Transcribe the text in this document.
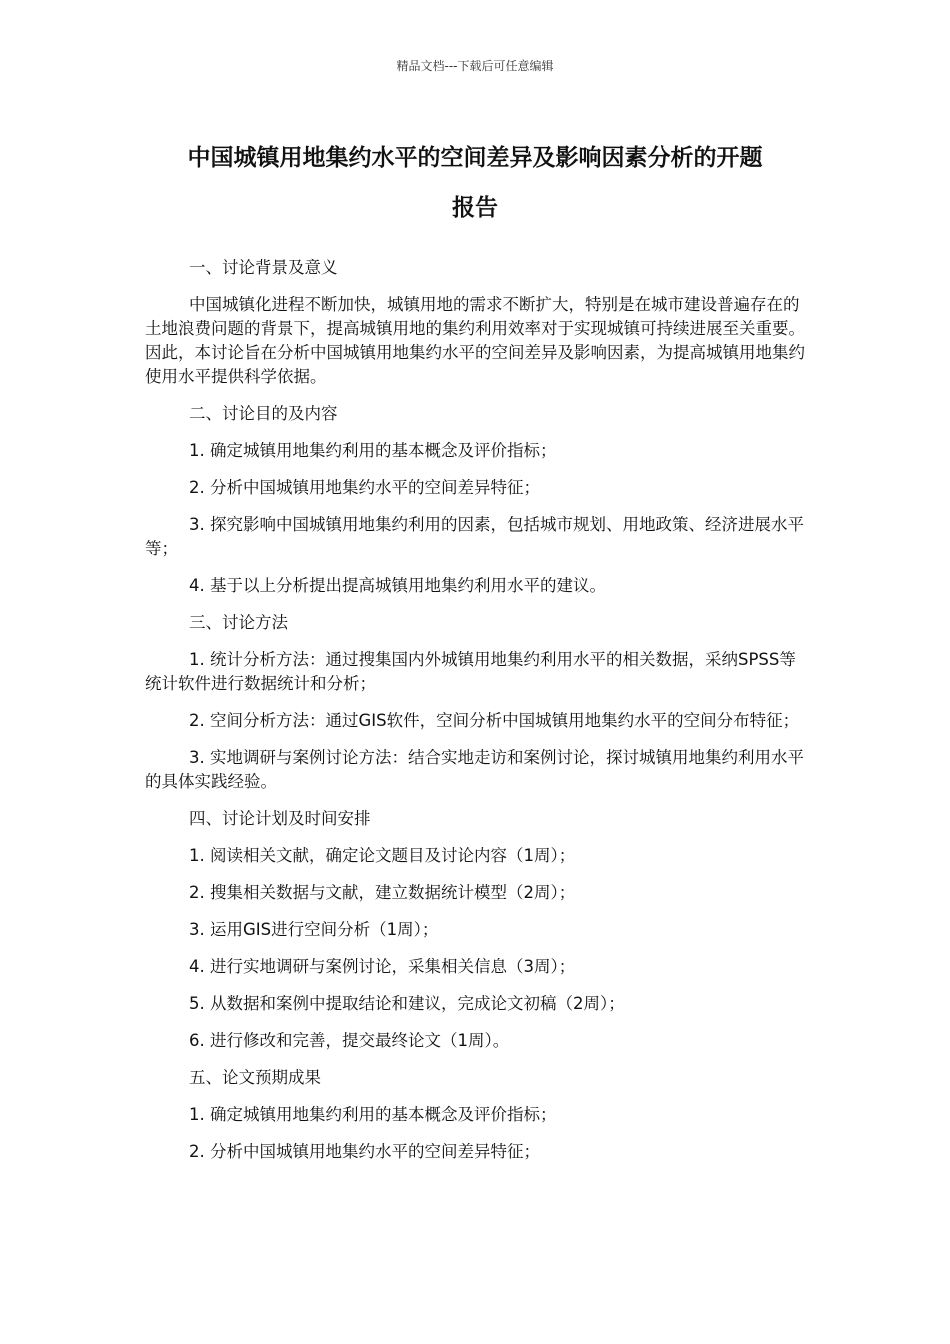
精品文档---下载后可任意编辑
中国城镇用地集约水平的空间差异及影响因素分析的开题
报告

一、讨论背景及意义

中国城镇化进程不断加快，城镇用地的需求不断扩大，特别是在城市建设普遍存在的土地浪费问题的背景下，提高城镇用地的集约利用效率对于实现城镇可持续进展至关重要。因此，本讨论旨在分析中国城镇用地集约水平的空间差异及影响因素，为提高城镇用地集约使用水平提供科学依据。

二、讨论目的及内容

1. 确定城镇用地集约利用的基本概念及评价指标；

2. 分析中国城镇用地集约水平的空间差异特征；

3. 探究影响中国城镇用地集约利用的因素，包括城市规划、用地政策、经济进展水平等；

4. 基于以上分析提出提高城镇用地集约利用水平的建议。

三、讨论方法

1. 统计分析方法：通过搜集国内外城镇用地集约利用水平的相关数据，采纳SPSS等统计软件进行数据统计和分析；

2. 空间分析方法：通过GIS软件，空间分析中国城镇用地集约水平的空间分布特征；

3. 实地调研与案例讨论方法：结合实地走访和案例讨论，探讨城镇用地集约利用水平的具体实践经验。

四、讨论计划及时间安排

1. 阅读相关文献，确定论文题目及讨论内容（1周）；

2. 搜集相关数据与文献，建立数据统计模型（2周）；

3. 运用GIS进行空间分析（1周）；

4. 进行实地调研与案例讨论，采集相关信息（3周）；

5. 从数据和案例中提取结论和建议，完成论文初稿（2周）；

6. 进行修改和完善，提交最终论文（1周）。

五、论文预期成果

1. 确定城镇用地集约利用的基本概念及评价指标；

2. 分析中国城镇用地集约水平的空间差异特征；
